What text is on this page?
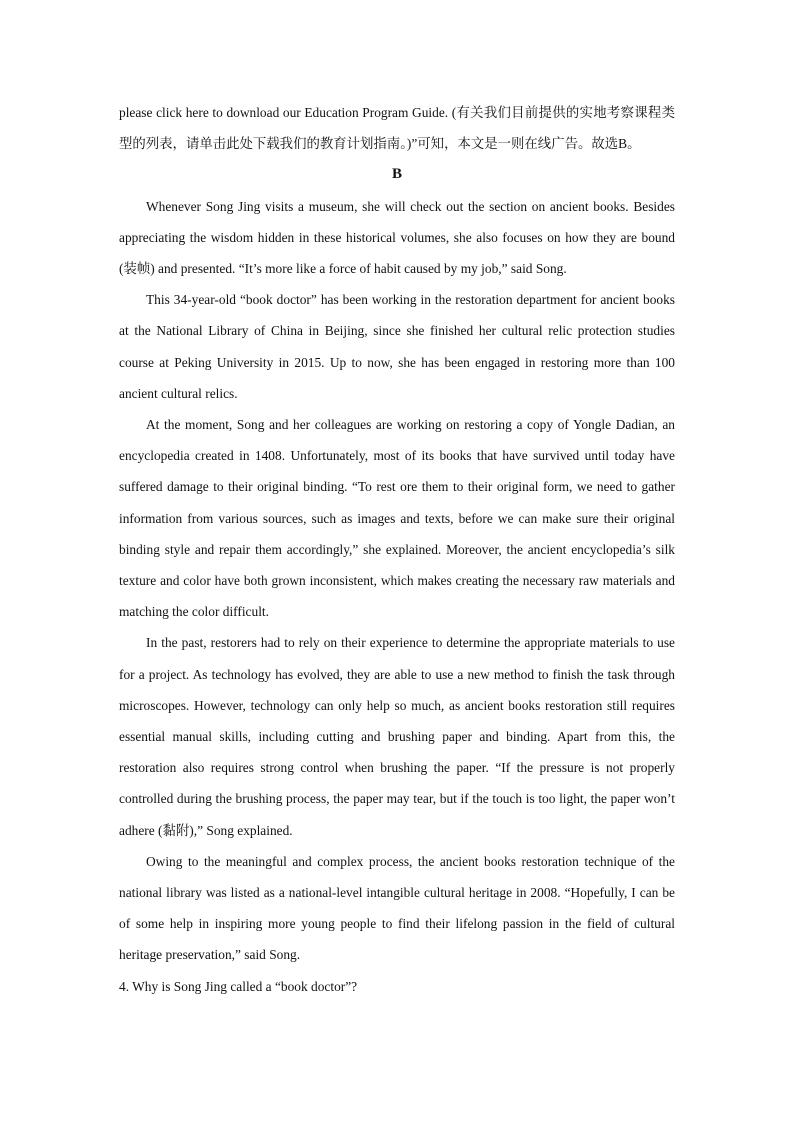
please click here to download our Education Program Guide. (有关我们目前提供的实地考察课程类型的列表，请单击此处下载我们的教育计划指南。)”可知，本文是一则在线广告。故选B。

B

Whenever Song Jing visits a museum, she will check out the section on ancient books. Besides appreciating the wisdom hidden in these historical volumes, she also focuses on how they are bound (装帧) and presented. “It’s more like a force of habit caused by my job,” said Song.

This 34-year-old “book doctor” has been working in the restoration department for ancient books at the National Library of China in Beijing, since she finished her cultural relic protection studies course at Peking University in 2015. Up to now, she has been engaged in restoring more than 100 ancient cultural relics.

At the moment, Song and her colleagues are working on restoring a copy of Yongle Dadian, an encyclopedia created in 1408. Unfortunately, most of its books that have survived until today have suffered damage to their original binding. “To rest ore them to their original form, we need to gather information from various sources, such as images and texts, before we can make sure their original binding style and repair them accordingly,” she explained. Moreover, the ancient encyclopedia’s silk texture and color have both grown inconsistent, which makes creating the necessary raw materials and matching the color difficult.

In the past, restorers had to rely on their experience to determine the appropriate materials to use for a project. As technology has evolved, they are able to use a new method to finish the task through microscopes. However, technology can only help so much, as ancient books restoration still requires essential manual skills, including cutting and brushing paper and binding. Apart from this, the restoration also requires strong control when brushing the paper. “If the pressure is not properly controlled during the brushing process, the paper may tear, but if the touch is too light, the paper won’t adhere (黏附),” Song explained.

Owing to the meaningful and complex process, the ancient books restoration technique of the national library was listed as a national-level intangible cultural heritage in 2008. “Hopefully, I can be of some help in inspiring more young people to find their lifelong passion in the field of cultural heritage preservation,” said Song.

4. Why is Song Jing called a “book doctor”?
